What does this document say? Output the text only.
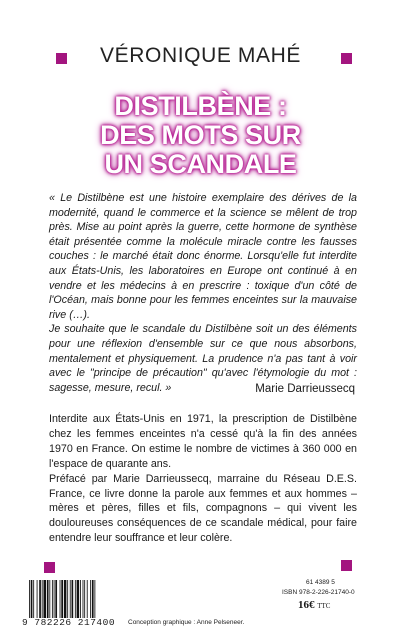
VÉRONIQUE MAHÉ
DISTILBÈNE :
DES MOTS SUR
UN SCANDALE

« Le Distilbène est une histoire exemplaire des dérives de la modernité, quand le commerce et la science se mêlent de trop près. Mise au point après la guerre, cette hormone de synthèse était présentée comme la molécule miracle contre les fausses couches : le marché était donc énorme. Lorsqu'elle fut interdite aux États-Unis, les laboratoires en Europe ont continué à en vendre et les médecins à en prescrire : toxique d'un côté de l'Océan, mais bonne pour les femmes enceintes sur la mauvaise rive (…).

Je souhaite que le scandale du Distilbène soit un des éléments pour une réflexion d'ensemble sur ce que nous absorbons, mentalement et physiquement. La prudence n'a pas tant à voir avec le "principe de précaution" qu'avec l'étymologie du mot : sagesse, mesure, recul. »	Marie Darrieussecq

Interdite aux États-Unis en 1971, la prescription de Distilbène chez les femmes enceintes n'a cessé qu'à la fin des années 1970 en France. On estime le nombre de victimes à 360 000 en l'espace de quarante ans.

Préfacé par Marie Darrieussecq, marraine du Réseau D.E.S. France, ce livre donne la parole aux femmes et aux hommes – mères et pères, filles et fils, compagnons – qui vivent les douloureuses conséquences de ce scandale médical, pour faire entendre leur souffrance et leur colère.

9 782226 217400 Conception graphique : Anne Pelseneer.
61 4389 5
ISBN 978-2-226-21740-0
16€ TTC
